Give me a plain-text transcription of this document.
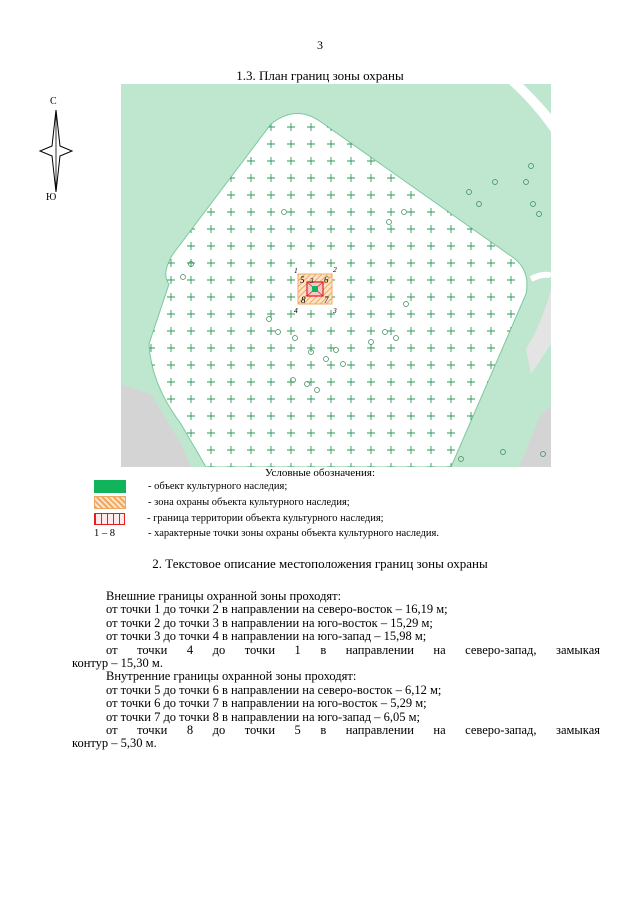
3
1.3. План границ зоны охраны
С
Ю
1	2
3
4
5 3 6
7
8
Условные обозначения:
- объект культурного наследия;
- зона охраны объекта культурного наследия;
- граница территории объекта культурного наследия;
1 – 8	- характерные точки зоны охраны объекта культурного наследия.
2. Текстовое описание местоположения границ зоны охраны
Внешние границы охранной зоны проходят:
от точки 1 до точки 2 в направлении на северо-восток – 16,19 м;
от точки 2 до точки 3 в направлении на юго-восток – 15,29 м;
от точки 3 до точки 4 в направлении на юго-запад – 15,98 м;
от точки 4 до точки 1 в направлении на северо-запад, замыкая
контур – 15,30 м.
Внутренние границы охранной зоны проходят:
от точки 5 до точки 6 в направлении на северо-восток – 6,12 м;
от точки 6 до точки 7 в направлении на юго-восток – 5,29 м;
от точки 7 до точки 8 в направлении на юго-запад – 6,05 м;
от точки 8 до точки 5 в направлении на северо-запад, замыкая
контур – 5,30 м.
